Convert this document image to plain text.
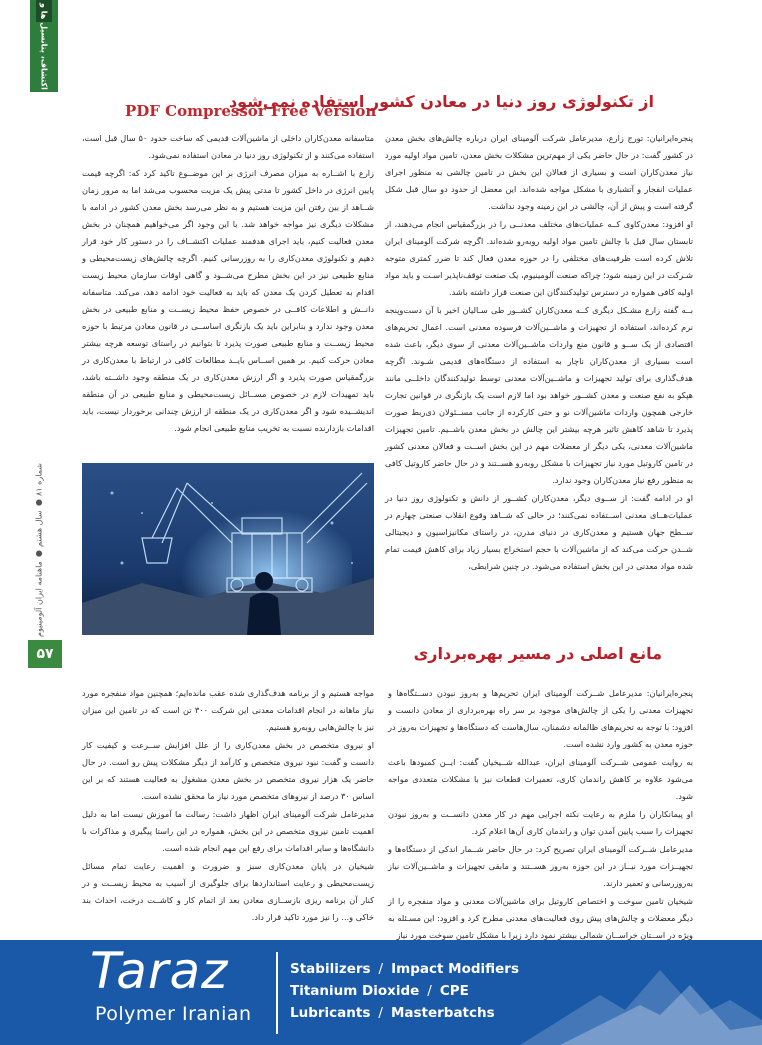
اکتشاف، پتانسیل ها و
ماهنامه ایران آلومینیوم
●
سال هشتم
●
شماره ۸۱
۵۷
PDF Compressor Free Version
از تکنولوژی روز دنیا در معادن کشور استفاده نمی‌شود

پنجره‌ایرانیان: تورج زارع، مدیرعامل شرکت آلومینای ایران درباره چالش‌های بخش معدن در کشور گفت: در حال حاضر یکی از مهم‌ترین مشکلات بخش معدن، تامین مواد اولیه مورد نیاز معدن‌کاران است و بسیاری از فعالان این بخش در تامین چالشی به منظور اجرای عملیات انفجار و آتشباری با مشکل مواجه شده‌اند. این معضل از حدود دو سال قبل شکل گرفته است و پیش از آن، چالشی در این زمینه وجود نداشت.

او افزود: معدن‌کاوی کــه عملیات‌های مختلف معدنــی را در بزرگمقیاس انجام می‌دهند، از تابستان سال قبل با چالش تامین مواد اولیه روبه‌رو شده‌اند. اگرچه شرکت آلومینای ایران تلاش کرده است ظرفیت‌های مختلفی را در حوزه معدن فعال کند تا ضرر کمتری متوجه شـرکت در این زمینه شود؛ چراکه صنعت آلومینیوم، یک صنعت توقف‌ناپذیر اسـت و باید مواد اولیه کافی همواره در دسترس تولیدکنندگان این صنعت قرار داشته باشد.

بــه گفته زارع مشـکل دیگری کــه معدن‌کاران کشــور طی سـالیان اخیر با آن دست‌وپنجه نرم کرده‌اند، استفاده از تجهیزات و ماشــین‌آلات فرسوده معدنی است. اعمال تحریم‌های اقتصادی از یک ســو و قانون منع واردات ماشــین‌آلات معدنی از سوی دیگر، باعث شده است بسیاری از معدن‌کاران ناچار به استفاده از دستگاه‌های قدیمی شـوند. اگرچه هدف‌گذاری برای تولید تجهیزات و ماشــین‌آلات معدنی توسط تولیدکنندگان داخلــی مانند هپکو به نفع صنعت و معدن کشــور خواهد بود اما لازم است یک بازنگری در قوانین تجارت خارجی همچون واردات ماشین‌آلات نو و حتی کارکرده از جانب مســئولان ذی‌ربط صورت پذیرد تا شاهد کاهش تاثیر هرچه بیشتر این چالش در بخش معدن باشــیم. تامین تجهیزات ماشین‌آلات معدنی، یکی دیگر از معضلات مهم در این بخش اســت و فعالان معدنی کشور در تامین کاروتیل مورد نیاز تجهیزات با مشکل روبه‌رو هســتند و در حال حاضر کاروتیل کافی به منظور رفع نیاز معدن‌کاران وجود ندارد.

او در ادامه گفت: از ســوی دیگر، معدن‌کاران کشــور از دانش و تکنولوژی روز دنیا در عملیات‌هــای معدنی اســتفاده نمی‌کنند؛ در حالی که شــاهد وقوع انقلاب صنعتی چهارم در ســطح جهان هستیم و معدن‌کاری در دنیای مدرن، در راستای مکانیزاسیون و دیجیتالی شــدن حرکت می‌کند که از ماشین‌آلات با حجم استخراج بسیار زیاد برای کاهش قیمت تمام شده مواد معدنی در این بخش استفاده می‌شود. در چنین شرایطی،

متاسفانه معدن‌کاران داخلی از ماشین‌آلات قدیمی که ساخت حدود ۵۰ سال قبل است، استفاده می‌کنند و از تکنولوژی روز دنیا در معادن استفاده نمی‌شود.

زارع با اشــاره به میزان مصرف انرژی بر این موضــوع تاکید کرد که: اگرچه قیمت پایین انرژی در داخل کشور تا مدتی پیش یک مزیت محسوب می‌شد اما به مرور زمان شــاهد از بین رفتن این مزیت هستیم و به نظر می‌رسد بخش معدن کشور در ادامه با مشکلات دیگری نیز مواجه خواهد شد. با این وجود اگر می‌خواهیم همچنان در بخش معدن فعالیت کنیم، باید اجرای هدفمند عملیات اکتشــاف را در دستور کار خود قرار دهیم و تکنولوژی معدن‌کاری را به روزرسانی کنیم. اگرچه چالش‌های زیست‌محیطی و منابع طبیعی نیز در این بخش مطرح می‌شــود و گاهی اوقات سازمان محیط زیست اقدام به تعطیل کردن یک معدن که باید به فعالیت خود ادامه دهد، می‌کند. متاسفانه دانــش و اطلاعات کافــی در خصوص حفظ محیط زیســت و منابع طبیعی در بخش معدن وجود ندارد و بنابراین باید یک بازنگری اساســی در قانون معادن مرتبط با حوزه محیط زیســت و منابع طبیعی صورت پذیرد تا بتوانیم در راستای توسعه هرچه بیشتر معادن حرکت کنیم. بر همین اســاس بایــد مطالعات کافی در ارتباط با معدن‌کاری در بزرگمقیاس صورت پذیرد و اگر ارزش معدن‌کاری در یک منطقه وجود داشــته باشد، باید تمهیدات لازم در خصوص مســائل زیست‌محیطی و منابع طبیعی در آن منطقه اندیشــیده شود و اگر معدن‌کاری در یک منطقه از ارزش چندانی برخوردار نیست، باید اقدامات بازدارنده نسبت به تخریب منابع طبیعی انجام شود.

مانع اصلی در مسیر بهره‌برداری

پنجره‌ایرانیان: مدیرعامل شــرکت آلومینای ایران تحریم‌ها و به‌روز نبودن دســتگاه‌ها و تجهیزات معدنی را یکی از چالش‌های موجود بر سر راه بهره‌برداری از معادن دانست و افزود: با توجه به تحریم‌های ظالمانه دشمنان، سال‌هاست که دستگاه‌ها و تجهیزات به‌روز در حوزه معدن به کشور وارد نشده است.

به روایت عمومی شــرکت آلومینای ایران، عبدالله شــیخیان گفت: ایــن کمبودها باعث می‌شود علاوه بر کاهش راندمان کاری، تعمیرات قطعات نیز با مشکلات متعددی مواجه شود.

او پیمانکاران را ملزم به رعایت نکته اجرایی مهم در کار معدن دانســت و به‌روز نبودن تجهیزات را سبب پایین آمدن توان و راندمان کاری آن‌ها اعلام کرد.

مدیرعامل شــرکت آلومینای ایران تصریح کرد: در حال حاضر شــمار اندکی از دستگاه‌ها و تجهیــزات مورد نیــاز در این حوزه به‌روز هســتند و مابقی تجهیزات و ماشــین‌آلات نیاز به‌روزرسانی و تعمیر دارند.

شیخیان تامین سوخت و اختصاص کاروتیل برای ماشین‌آلات معدنی و مواد منفجره را از دیگر معضلات و چالش‌های پیش روی فعالیت‌های معدنی مطرح کرد و افزود: این مسـئله به ویژه در اســتان خراســان شمالی بیشتر نمود دارد زیرا با مشکل تامین سوخت مورد نیاز

مواجه هستیم و از برنامه هدف‌گذاری شده عقب مانده‌ایم؛ همچنین مواد منفجره مورد نیاز ماهانه در انجام اقدامات معدنی این شرکت ۳۰۰ تن است که در تامین این میزان نیز با چالش‌هایی روبه‌رو هستیم.

او نیروی متخصص در بخش معدن‌کاری را از علل افزایش ســرعت و کیفیت کار دانست و گفت: نبود نیروی متخصص و کارآمد از دیگر مشکلات پیش رو است. در حال حاضر یک هزار نیروی متخصص در بخش معدن مشغول به فعالیت هستند که بر این اساس ۳۰ درصد از نیروهای متخصص مورد نیاز ما محقق نشده است.

مدیرعامل شرکت آلومینای ایران اظهار داشت: رسالت ما آموزش نیست اما به دلیل اهمیت تامین نیروی متخصص در این بخش، همواره در این راستا پیگیری و مذاکرات با دانشگاه‌ها و سایر اقدامات برای رفع این مهم انجام شده است.

شیخیان در پایان معدن‌کاری سبز و ضرورت و اهمیت رعایت تمام مسائل زیست‌محیطی و رعایت استانداردها برای جلوگیری از آسیب به محیط زیســت و در کنار آن برنامه ریزی بازســازی معادن بعد از اتمام کار و کاشــت درخت، احداث بند خاکی و... را نیز مورد تاکید قرار داد.

Taraz
Polymer Iranian
Stabilizers / Impact Modifiers
Titanium Dioxide / CPE
Lubricants / Masterbatchs
